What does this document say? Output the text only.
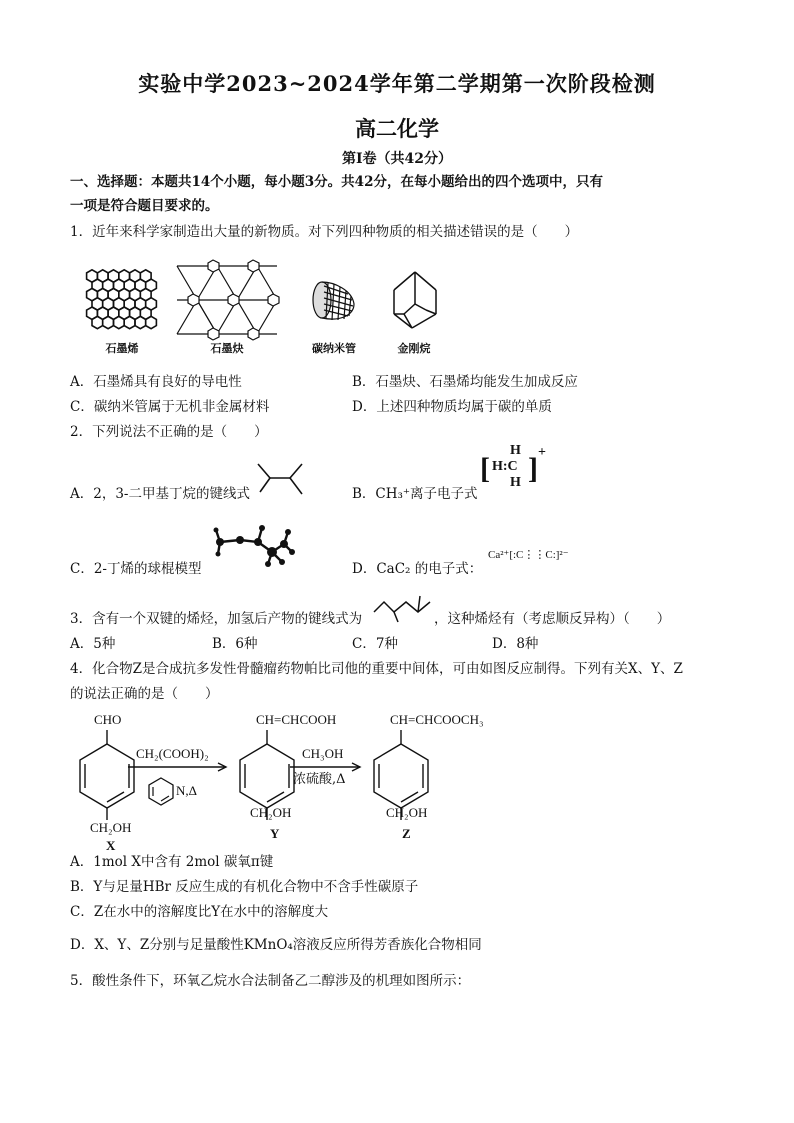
实验中学2023~2024学年第二学期第一次阶段检测
高二化学
第Ⅰ卷（共42分）
一、选择题：本题共14个小题，每小题3分。共42分，在每小题给出的四个选项中，只有
一项是符合题目要求的。
1．近年来科学家制造出大量的新物质。对下列四种物质的相关描述错误的是（　　）
石墨烯	石墨炔	碳纳米管	金刚烷
A．石墨烯具有良好的导电性	B．石墨炔、石墨烯均能发生加成反应
C．碳纳米管属于无机非金属材料	D．上述四种物质均属于碳的单质
2．下列说法不正确的是（　　）
A．2，3-二甲基丁烷的键线式	B．CH₃⁺离子电子式
[
H
H:C
H ] +
C．2-丁烯的球棍模型	D．CaC₂ 的电子式：
Ca²⁺[:C⋮⋮C:]²⁻
3．含有一个双键的烯烃，加氢后产物的键线式为	，这种烯烃有（考虑顺反异构）（　　）
A．5种	B．6种	C．7种	D．8种
4．化合物Z是合成抗多发性骨髓瘤药物帕比司他的重要中间体，可由如图反应制得。下列有关X、Y、Z
的说法正确的是（　　）
CHO
CH₂OH
X
CH₂(COOH)₂
N,Δ
CH=CHCOOH
CH₂OH
Y
CH₃OH
浓硫酸,Δ
CH=CHCOOCH₃
CH₂OH
Z
A．1mol X中含有 2mol 碳氧π键
B．Y与足量HBr 反应生成的有机化合物中不含手性碳原子
C．Z在水中的溶解度比Y在水中的溶解度大
D．X、Y、Z分别与足量酸性KMnO₄溶液反应所得芳香族化合物相同
5．酸性条件下，环氧乙烷水合法制备乙二醇涉及的机理如图所示：
